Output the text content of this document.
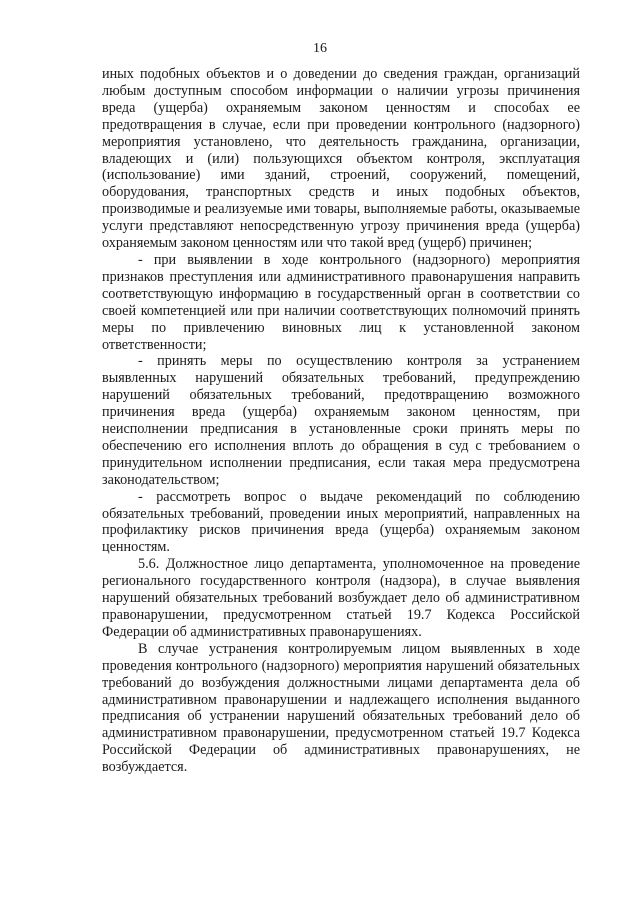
16

иных подобных объектов и о доведении до сведения граждан, организаций любым доступным способом информации о наличии угрозы причинения вреда (ущерба) охраняемым законом ценностям и способах ее предотвращения в случае, если при проведении контрольного (надзорного) мероприятия установлено, что деятельность гражданина, организации, владеющих и (или) пользующихся объектом контроля, эксплуатация (использование) ими зданий, строений, сооружений, помещений, оборудования, транспортных средств и иных подобных объектов, производимые и реализуемые ими товары, выполняемые работы, оказываемые услуги представляют непосредственную угрозу причинения вреда (ущерба) охраняемым законом ценностям или что такой вред (ущерб) причинен;

- при выявлении в ходе контрольного (надзорного) мероприятия признаков преступления или административного правонарушения направить соответствующую информацию в государственный орган в соответствии со своей компетенцией или при наличии соответствующих полномочий принять меры по привлечению виновных лиц к установленной законом ответственности;

- принять меры по осуществлению контроля за устранением выявленных нарушений обязательных требований, предупреждению нарушений обязательных требований, предотвращению возможного причинения вреда (ущерба) охраняемым законом ценностям, при неисполнении предписания в установленные сроки принять меры по обеспечению его исполнения вплоть до обращения в суд с требованием о принудительном исполнении предписания, если такая мера предусмотрена законодательством;

- рассмотреть вопрос о выдаче рекомендаций по соблюдению обязательных требований, проведении иных мероприятий, направленных на профилактику рисков причинения вреда (ущерба) охраняемым законом ценностям.

5.6. Должностное лицо департамента, уполномоченное на проведение регионального государственного контроля (надзора), в случае выявления нарушений обязательных требований возбуждает дело об административном правонарушении, предусмотренном статьей 19.7 Кодекса Российской Федерации об административных правонарушениях.

В случае устранения контролируемым лицом выявленных в ходе проведения контрольного (надзорного) мероприятия нарушений обязательных требований до возбуждения должностными лицами департамента дела об административном правонарушении и надлежащего исполнения выданного предписания об устранении нарушений обязательных требований дело об административном правонарушении, предусмотренном статьей 19.7 Кодекса Российской Федерации об административных правонарушениях, не возбуждается.
